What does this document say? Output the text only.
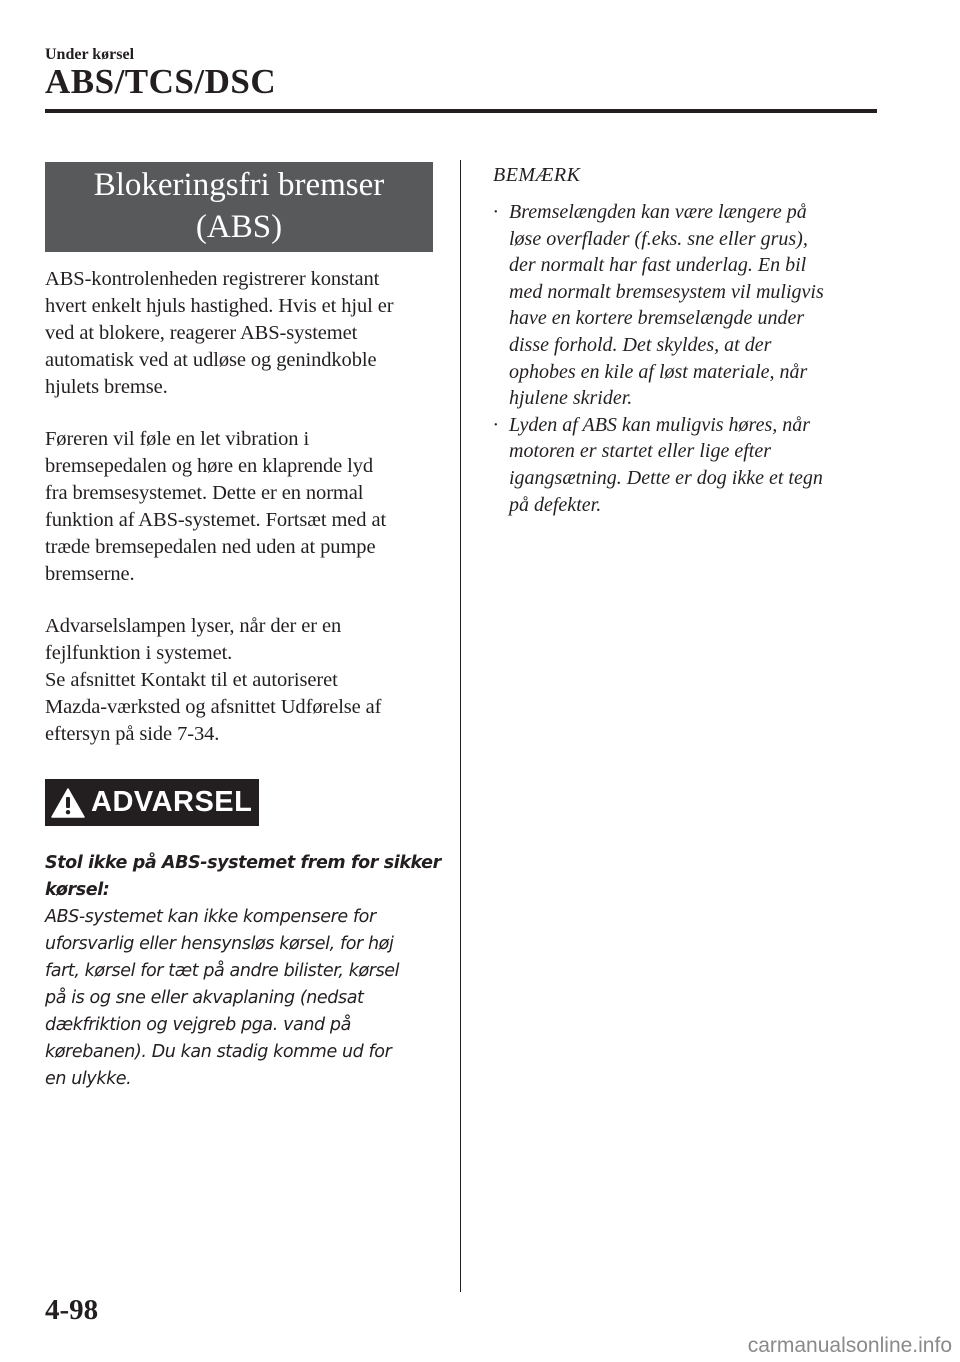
Under kørsel
ABS/TCS/DSC
Blokeringsfri bremser
(ABS)
ABS-kontrolenheden registrerer konstant
hvert enkelt hjuls hastighed. Hvis et hjul er
ved at blokere, reagerer ABS-systemet
automatisk ved at udløse og genindkoble
hjulets bremse.
Føreren vil føle en let vibration i
bremsepedalen og høre en klaprende lyd
fra bremsesystemet. Dette er en normal
funktion af ABS-systemet. Fortsæt med at
træde bremsepedalen ned uden at pumpe
bremserne.
Advarselslampen lyser, når der er en
fejlfunktion i systemet.
Se afsnittet Kontakt til et autoriseret
Mazda-værksted og afsnittet Udførelse af
eftersyn på side 7-34.
ADVARSEL
Stol ikke på ABS-systemet frem for sikker
kørsel:
ABS-systemet kan ikke kompensere for
uforsvarlig eller hensynsløs kørsel, for høj
fart, kørsel for tæt på andre bilister, kørsel
på is og sne eller akvaplaning (nedsat
dækfriktion og vejgreb pga. vand på
kørebanen). Du kan stadig komme ud for
en ulykke.
BEMÆRK
· Bremselængden kan være længere på
løse overflader (f.eks. sne eller grus),
der normalt har fast underlag. En bil
med normalt bremsesystem vil muligvis
have en kortere bremselængde under
disse forhold. Det skyldes, at der
ophobes en kile af løst materiale, når
hjulene skrider.
· Lyden af ABS kan muligvis høres, når
motoren er startet eller lige efter
igangsætning. Dette er dog ikke et tegn
på defekter.
4-98
carmanualsonline.info
